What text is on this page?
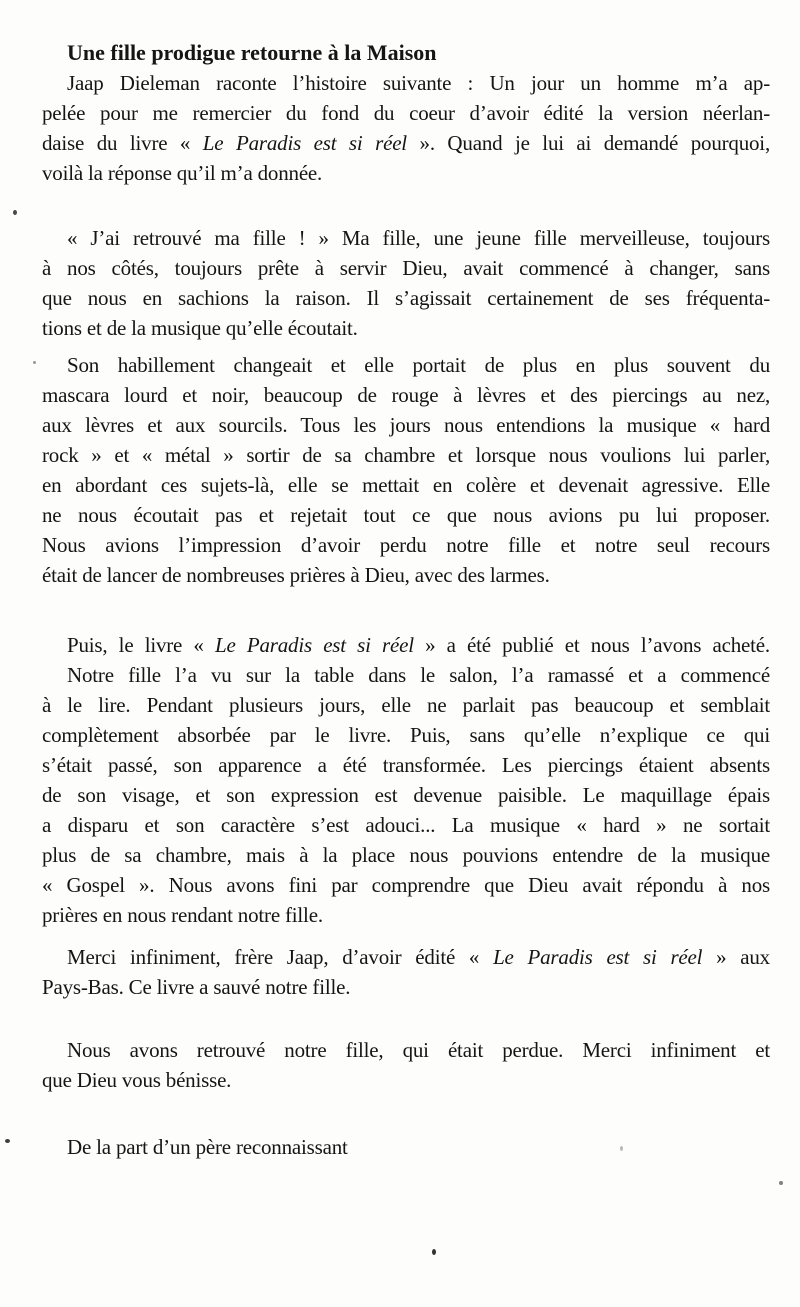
Une fille prodigue retourne à la Maison
Jaap Dieleman raconte l’histoire suivante : Un jour un homme m’a ap-
pelée pour me remercier du fond du coeur d’avoir édité la version néerlan-
daise du livre « Le Paradis est si réel ». Quand je lui ai demandé pourquoi,
voilà la réponse qu’il m’a donnée.
« J’ai retrouvé ma fille ! » Ma fille, une jeune fille merveilleuse, toujours
à nos côtés, toujours prête à servir Dieu, avait commencé à changer, sans
que nous en sachions la raison. Il s’agissait certainement de ses fréquenta-
tions et de la musique qu’elle écoutait.
Son habillement changeait et elle portait de plus en plus souvent du
mascara lourd et noir, beaucoup de rouge à lèvres et des piercings au nez,
aux lèvres et aux sourcils. Tous les jours nous entendions la musique « hard
rock » et « métal » sortir de sa chambre et lorsque nous voulions lui parler,
en abordant ces sujets-là, elle se mettait en colère et devenait agressive. Elle
ne nous écoutait pas et rejetait tout ce que nous avions pu lui proposer.
Nous avions l’impression d’avoir perdu notre fille et notre seul recours
était de lancer de nombreuses prières à Dieu, avec des larmes.
Puis, le livre « Le Paradis est si réel » a été publié et nous l’avons acheté.
Notre fille l’a vu sur la table dans le salon, l’a ramassé et a commencé
à le lire. Pendant plusieurs jours, elle ne parlait pas beaucoup et semblait
complètement absorbée par le livre. Puis, sans qu’elle n’explique ce qui
s’était passé, son apparence a été transformée. Les piercings étaient absents
de son visage, et son expression est devenue paisible. Le maquillage épais
a disparu et son caractère s’est adouci... La musique « hard » ne sortait
plus de sa chambre, mais à la place nous pouvions entendre de la musique
« Gospel ». Nous avons fini par comprendre que Dieu avait répondu à nos
prières en nous rendant notre fille.
Merci infiniment, frère Jaap, d’avoir édité « Le Paradis est si réel » aux
Pays-Bas. Ce livre a sauvé notre fille.
Nous avons retrouvé notre fille, qui était perdue. Merci infiniment et
que Dieu vous bénisse.
De la part d’un père reconnaissant
